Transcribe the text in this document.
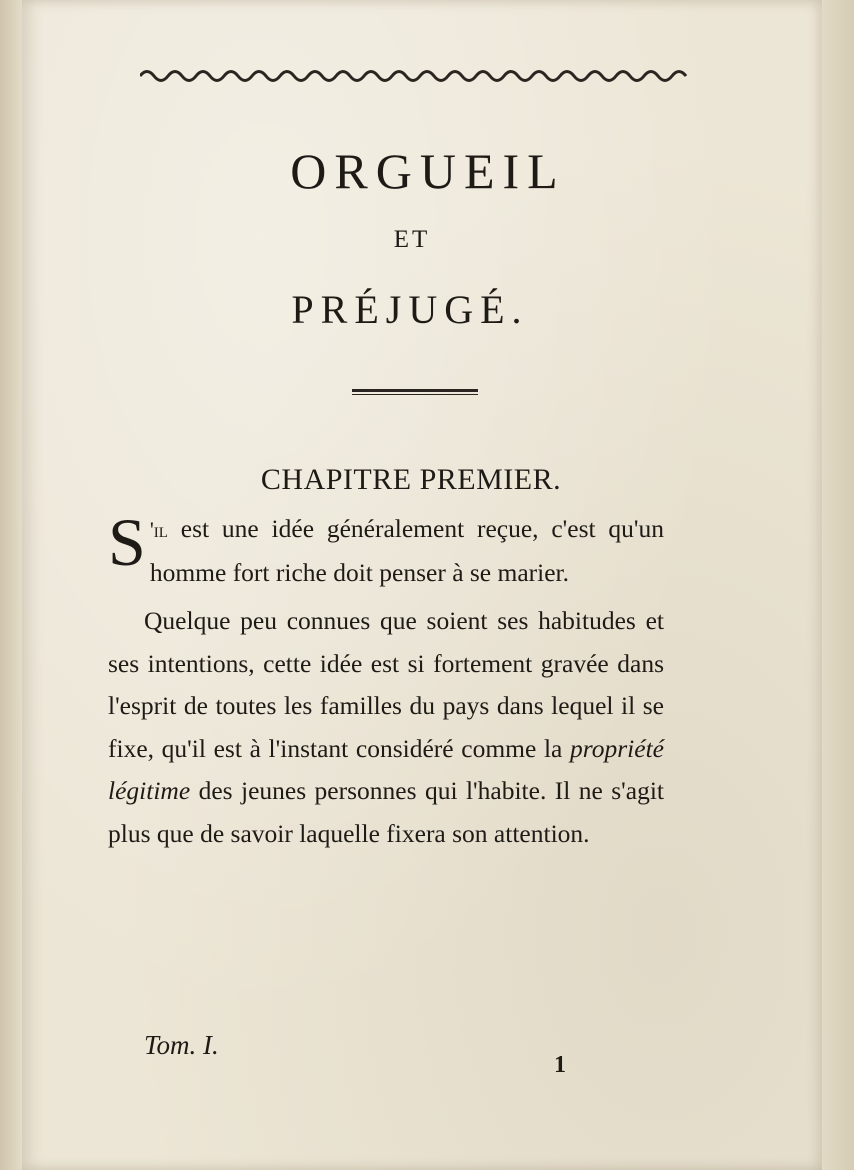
ORGUEIL
ET
PRÉJUGÉ.
CHAPITRE PREMIER.

S 'il est une idée généralement reçue, c'est qu'un homme fort riche doit penser à se marier.

Quelque peu connues que soient ses habitudes et ses intentions, cette idée est si fortement gravée dans l'esprit de toutes les familles du pays dans lequel il se fixe, qu'il est à l'instant considéré comme la propriété légitime des jeunes personnes qui l'habite. Il ne s'agit plus que de savoir laquelle fixera son attention.

Tom. I.
1
